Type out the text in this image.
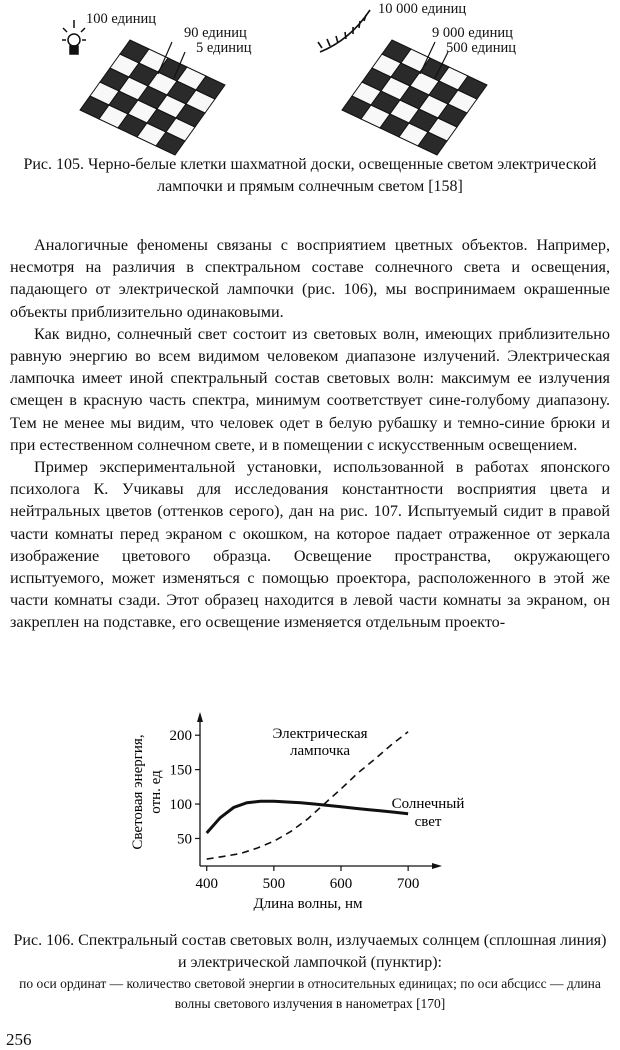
100 единиц
90 единиц
5 единиц
10 000 единиц
9 000 единиц
500 единиц
Рис. 105. Черно-белые клетки шахматной доски, освещенные светом электрической лампочки и прямым солнечным светом [158]

Аналогичные феномены связаны с восприятием цветных объектов. Например, несмотря на различия в спектральном составе солнечного света и освещения, падающего от электрической лампочки (рис. 106), мы воспринимаем окрашенные объекты приблизительно одинаковыми.

Как видно, солнечный свет состоит из световых волн, имеющих приблизительно равную энергию во всем видимом человеком диапазоне излучений. Электрическая лампочка имеет иной спектральный состав световых волн: максимум ее излучения смещен в красную часть спектра, минимум соответствует сине-голубому диапазону. Тем не менее мы видим, что человек одет в белую рубашку и темно-синие брюки и при естественном солнечном свете, и в помещении с искусственным освещением.

Пример экспериментальной установки, использованной в работах японского психолога К. Учикавы для исследования константности восприятия цвета и нейтральных цветов (оттенков серого), дан на рис. 107. Испытуемый сидит в правой части комнаты перед экраном с окошком, на которое падает отраженное от зеркала изображение цветового образца. Освещение пространства, окружающего испытуемого, может изменяться с помощью проектора, расположенного в этой же части комнаты сзади. Этот образец находится в левой части комнаты за экраном, он закреплен на подставке, его освещение изменяется отдельным проекто-

50
100
150
200
400	500	600	700
Световая энергия, отн. ед
Длина волны, нм
Электрическая
лампочка
Солнечный
свет
Рис. 106. Спектральный состав световых волн, излучаемых солнцем (сплошная линия) и электрической лампочкой (пунктир):
по оси ординат — количество световой энергии в относительных единицах; по оси абсцисс — длина волны светового излучения в нанометрах [170]
256
